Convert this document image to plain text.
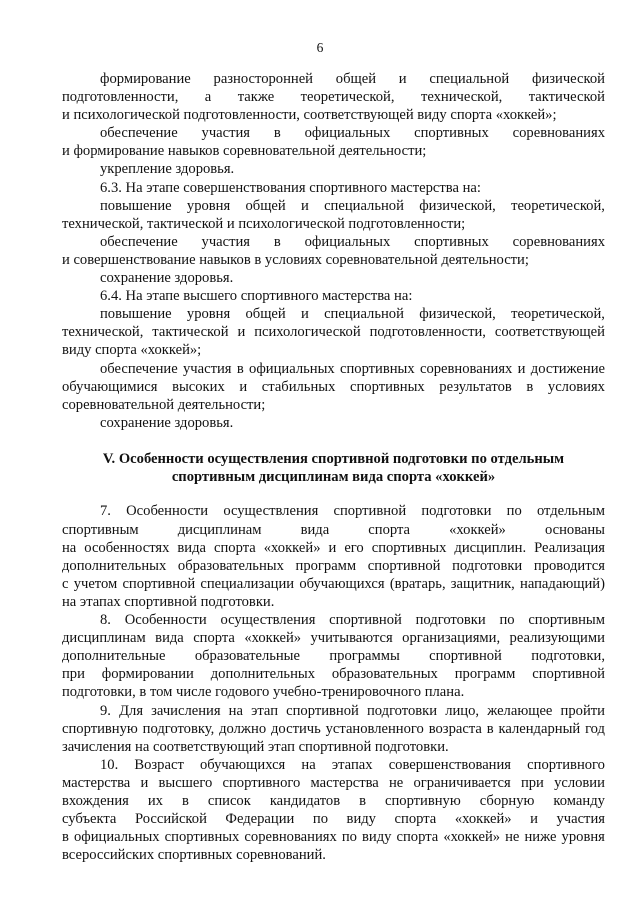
6
формирование разносторонней общей и специальной физической
подготовленности, а также теоретической, технической, тактической
и психологической подготовленности, соответствующей виду спорта «хоккей»;
обеспечение участия в официальных спортивных соревнованиях
и формирование навыков соревновательной деятельности;
укрепление здоровья.
6.3. На этапе совершенствования спортивного мастерства на:
повышение уровня общей и специальной физической, теоретической,
технической, тактической и психологической подготовленности;
обеспечение участия в официальных спортивных соревнованиях
и совершенствование навыков в условиях соревновательной деятельности;
сохранение здоровья.
6.4. На этапе высшего спортивного мастерства на:
повышение уровня общей и специальной физической, теоретической,
технической, тактической и психологической подготовленности, соответствующей
виду спорта «хоккей»;
обеспечение участия в официальных спортивных соревнованиях и достижение
обучающимися высоких и стабильных спортивных результатов в условиях
соревновательной деятельности;
сохранение здоровья.
V. Особенности осуществления спортивной подготовки по отдельным
спортивным дисциплинам вида спорта «хоккей»
7. Особенности осуществления спортивной подготовки по отдельным
спортивным	дисциплинам	вида	спорта	«хоккей»	основаны
на особенностях вида спорта «хоккей» и его спортивных дисциплин. Реализация
дополнительных образовательных программ спортивной подготовки проводится
с учетом спортивной специализации обучающихся (вратарь, защитник, нападающий)
на этапах спортивной подготовки.
8. Особенности осуществления спортивной подготовки по спортивным
дисциплинам вида спорта «хоккей» учитываются организациями, реализующими
дополнительные образовательные программы спортивной подготовки,
при формировании дополнительных образовательных программ спортивной
подготовки, в том числе годового учебно-тренировочного плана.
9. Для зачисления на этап спортивной подготовки лицо, желающее пройти
спортивную подготовку, должно достичь установленного возраста в календарный год
зачисления на соответствующий этап спортивной подготовки.
10. Возраст обучающихся на этапах совершенствования спортивного
мастерства и высшего спортивного мастерства не ограничивается при условии
вхождения их в список кандидатов в спортивную сборную команду
субъекта Российской Федерации по виду спорта «хоккей» и участия
в официальных спортивных соревнованиях по виду спорта «хоккей» не ниже уровня
всероссийских спортивных соревнований.
